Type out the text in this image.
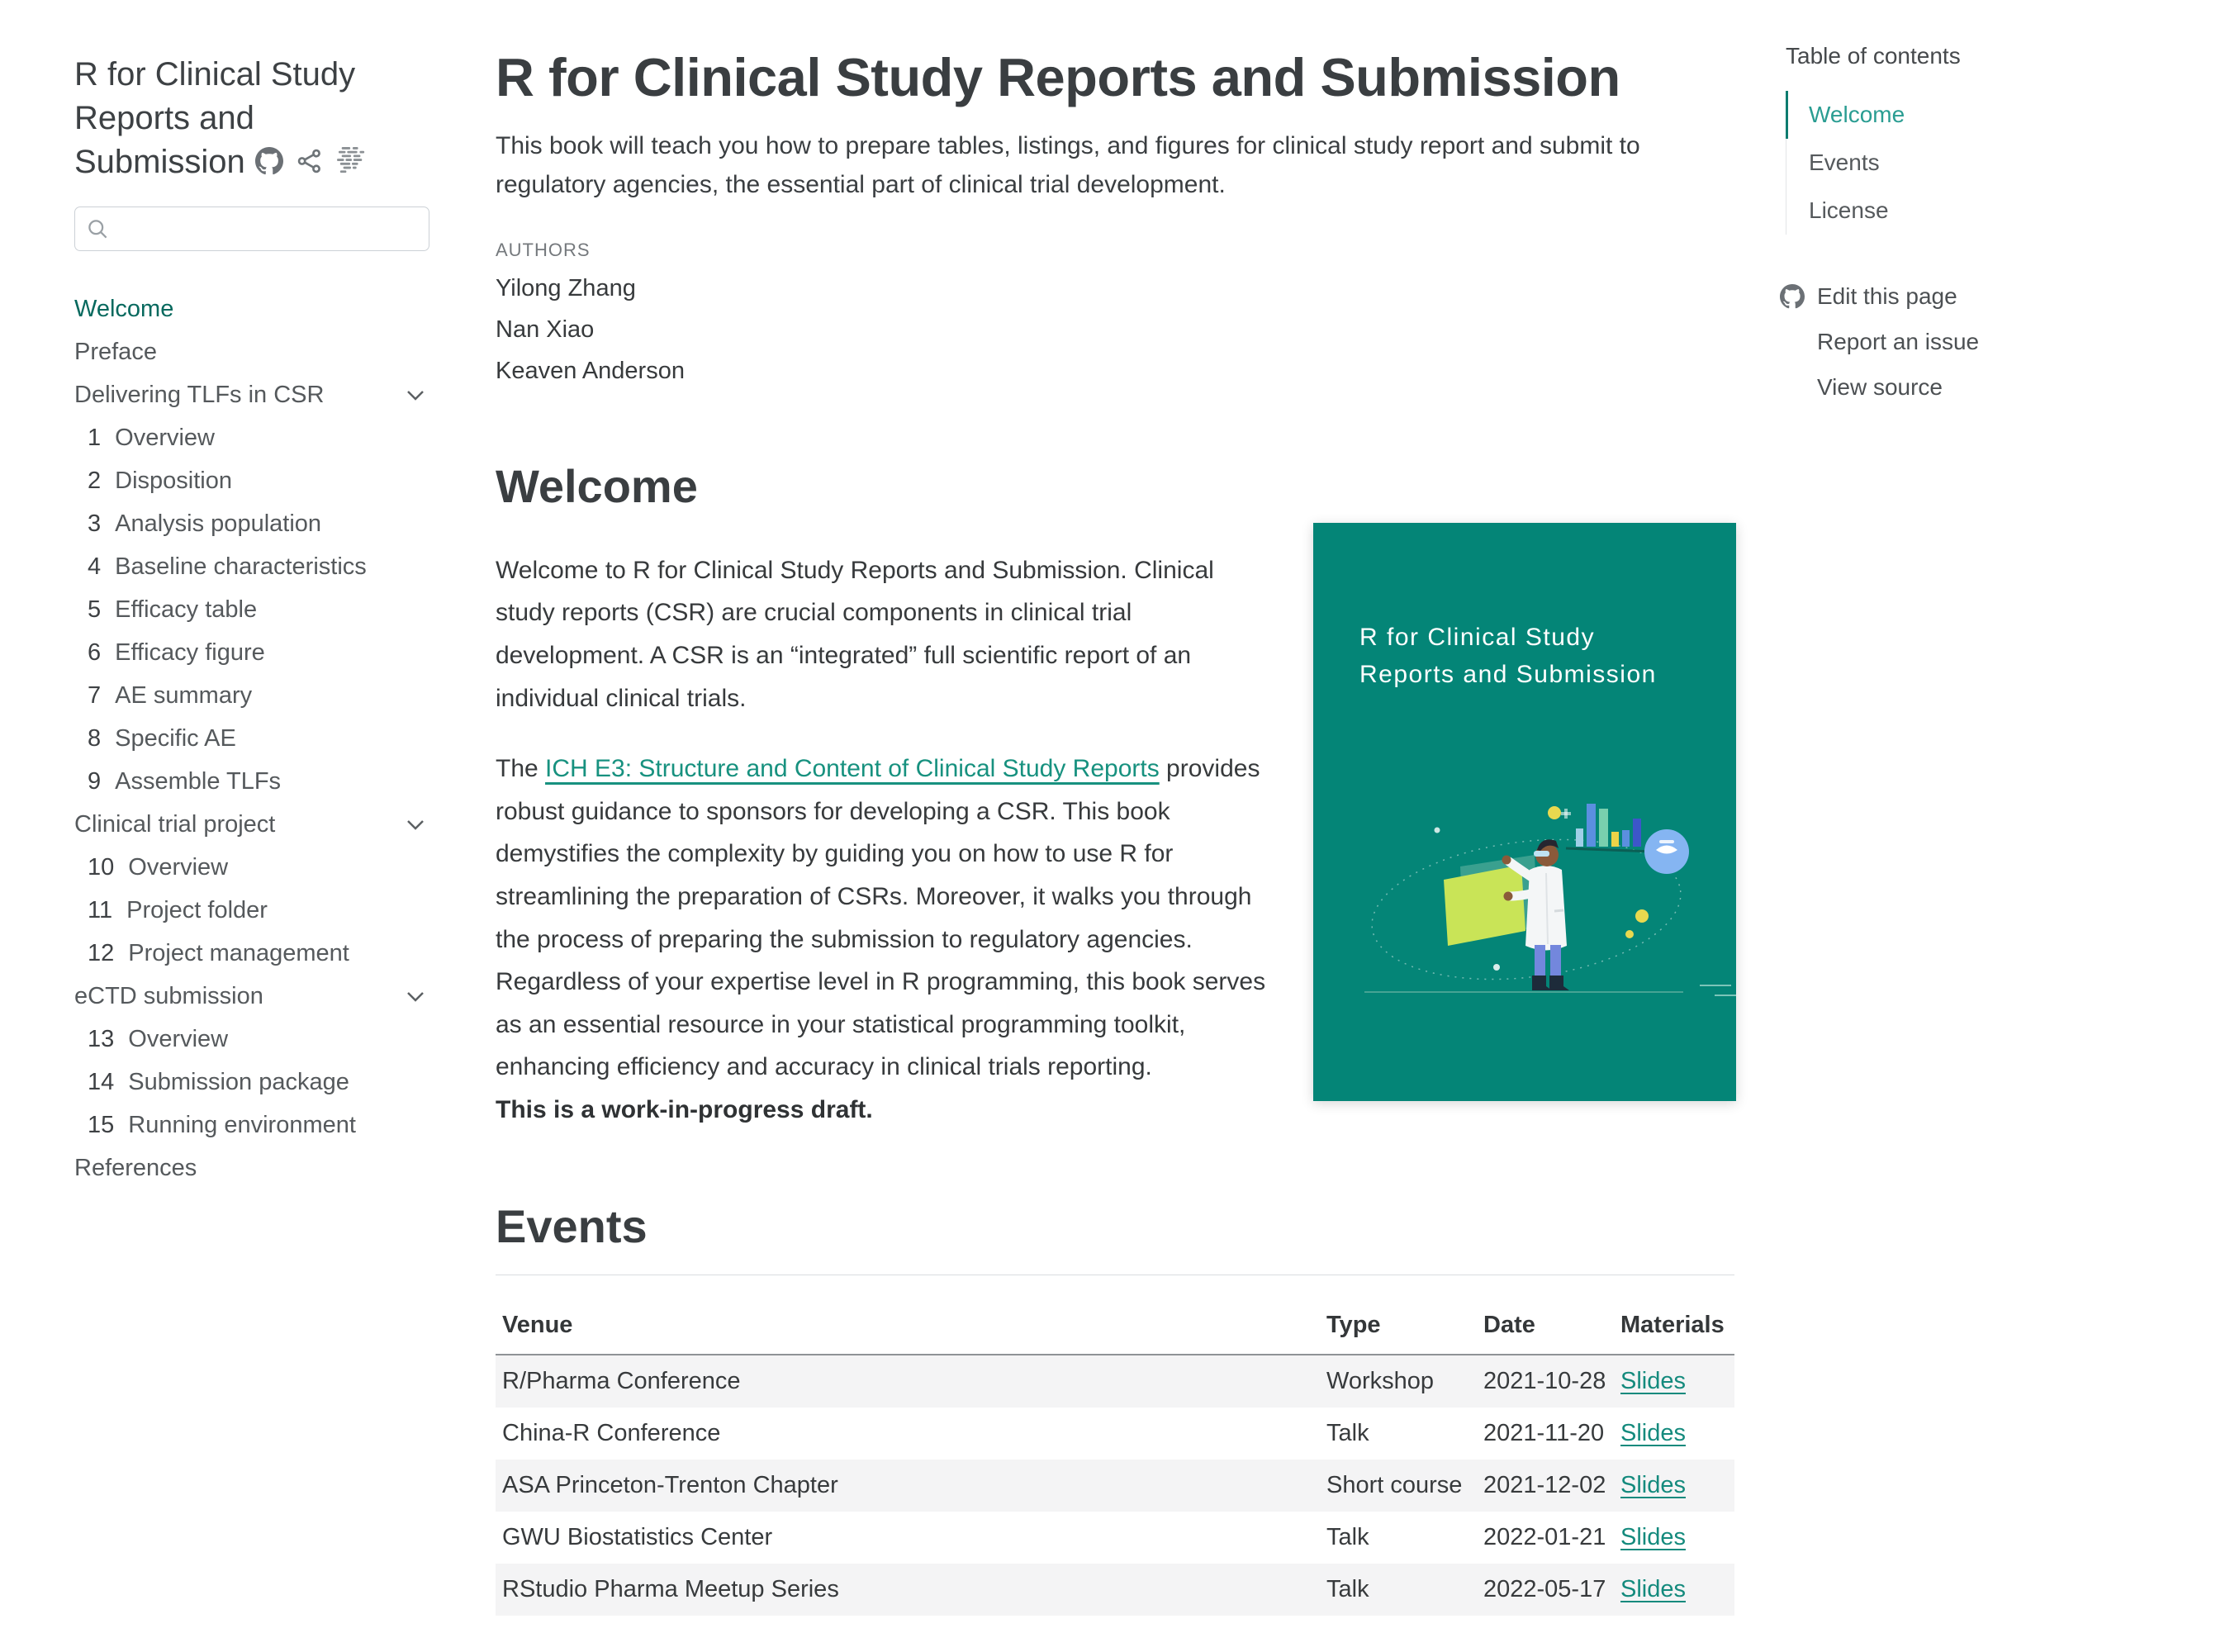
R for Clinical Study Reports and Submission
Welcome
Preface
Delivering TLFs in CSR
1 Overview
2 Disposition
3 Analysis population
4 Baseline characteristics
5 Efficacy table
6 Efficacy figure
7 AE summary
8 Specific AE
9 Assemble TLFs
Clinical trial project
10 Overview
11 Project folder
12 Project management
eCTD submission
13 Overview
14 Submission package
15 Running environment
References
R for Clinical Study Reports and Submission

This book will teach you how to prepare tables, listings, and figures for clinical study report and submit to regulatory agencies, the essential part of clinical trial development.

AUTHORS
Yilong Zhang
Nan Xiao
Keaven Anderson
Welcome

Welcome to R for Clinical Study Reports and Submission. Clinical study reports (CSR) are crucial components in clinical trial development. A CSR is an “integrated” full scientific report of an individual clinical trials.

The ICH E3: Structure and Content of Clinical Study Reports provides robust guidance to sponsors for developing a CSR. This book demystifies the complexity by guiding you on how to use R for streamlining the preparation of CSRs. Moreover, it walks you through the process of preparing the submission to regulatory agencies. Regardless of your expertise level in R programming, this book serves as an essential resource in your statistical programming toolkit, enhancing efficiency and accuracy in clinical trials reporting.

This is a work-in-progress draft.

Events
Venue	Type	Date	Materials
R/Pharma Conference	Workshop	2021-10-28	Slides
China-R Conference	Talk	2021-11-20	Slides
ASA Princeton-Trenton Chapter	Short course	2021-12-02	Slides
GWU Biostatistics Center	Talk	2022-01-21	Slides
RStudio Pharma Meetup Series	Talk	2022-05-17	Slides
R for Clinical Study
Reports and Submission
Table of contents
Welcome
Events
License
Edit this page
Report an issue
View source
